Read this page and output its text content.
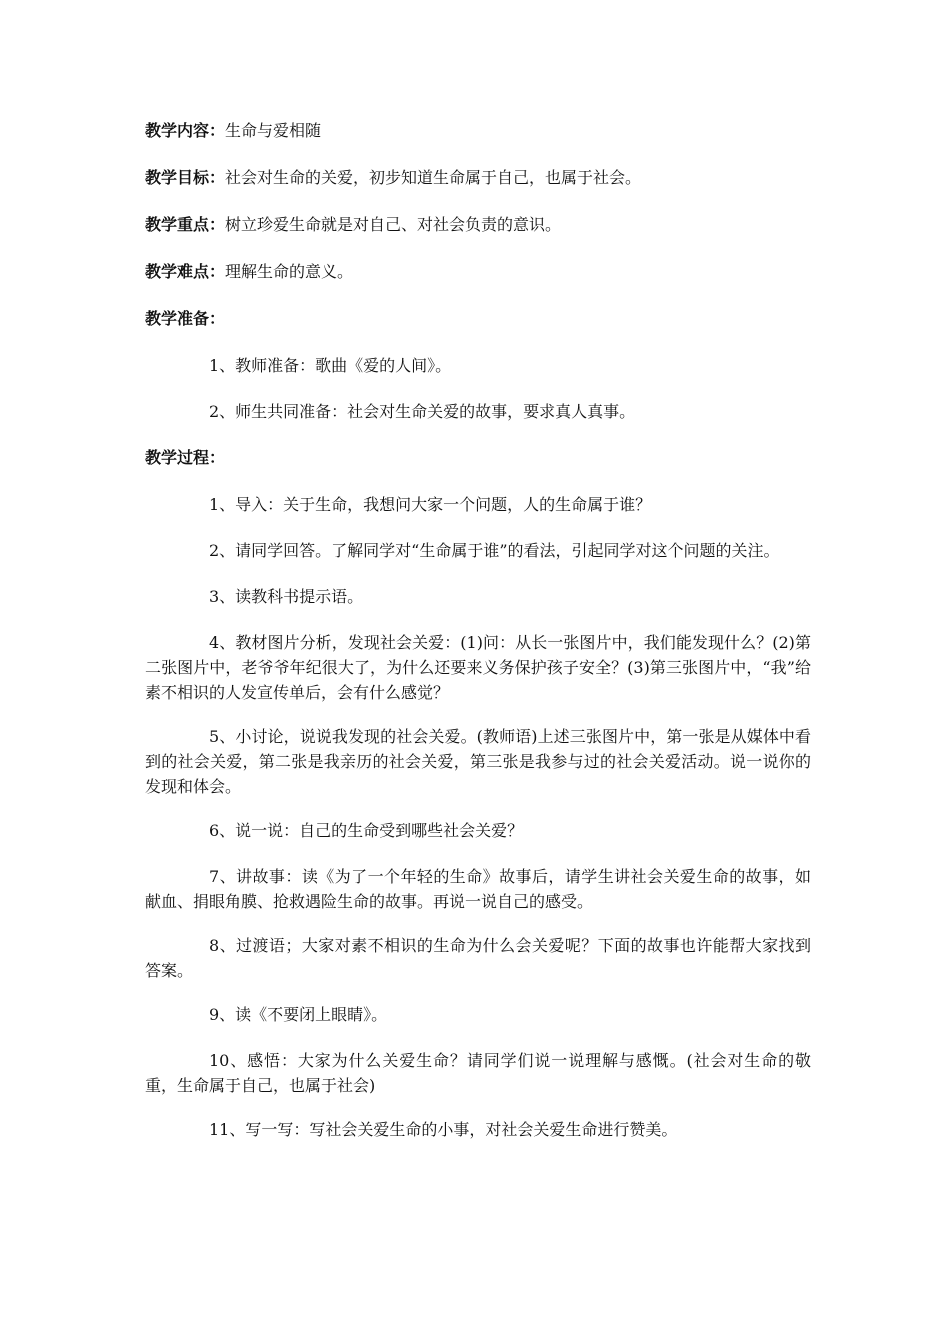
教学内容：生命与爱相随

教学目标：社会对生命的关爱，初步知道生命属于自己，也属于社会。

教学重点：树立珍爱生命就是对自己、对社会负责的意识。

教学难点：理解生命的意义。

教学准备：

1、教师准备：歌曲《爱的人间》。

2、师生共同准备：社会对生命关爱的故事，要求真人真事。

教学过程：

1、导入：关于生命，我想问大家一个问题，人的生命属于谁？

2、请同学回答。了解同学对“生命属于谁”的看法，引起同学对这个问题的关注。

3、读教科书提示语。

4、教材图片分析，发现社会关爱：(1)问：从长一张图片中，我们能发现什么？(2)第二张图片中，老爷爷年纪很大了，为什么还要来义务保护孩子安全？(3)第三张图片中，“我”给素不相识的人发宣传单后，会有什么感觉？

5、小讨论，说说我发现的社会关爱。(教师语)上述三张图片中，第一张是从媒体中看到的社会关爱，第二张是我亲历的社会关爱，第三张是我参与过的社会关爱活动。说一说你的发现和体会。

6、说一说：自己的生命受到哪些社会关爱？

7、讲故事：读《为了一个年轻的生命》故事后，请学生讲社会关爱生命的故事，如献血、捐眼角膜、抢救遇险生命的故事。再说一说自己的感受。

8、过渡语；大家对素不相识的生命为什么会关爱呢？下面的故事也许能帮大家找到答案。

9、读《不要闭上眼睛》。

10、感悟：大家为什么关爱生命？请同学们说一说理解与感慨。(社会对生命的敬重，生命属于自己，也属于社会)

11、写一写：写社会关爱生命的小事，对社会关爱生命进行赞美。
